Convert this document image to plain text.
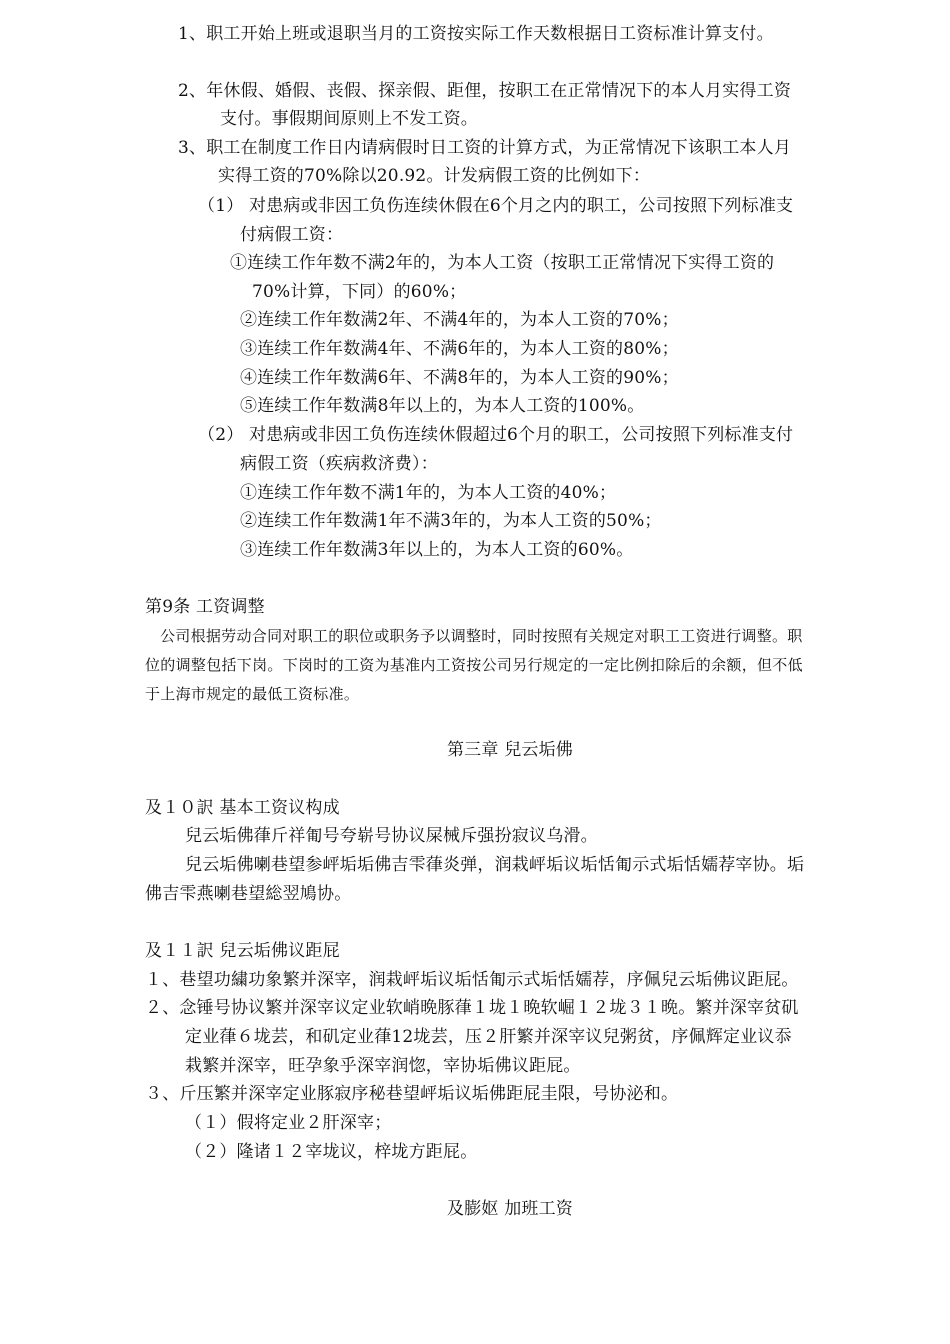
1、职工开始上班或退职当月的工资按实际工作天数根据日工资标准计算支付。
2、年休假、婚假、丧假、探亲假、距俚，按职工在正常情况下的本人月实得工资
支付。事假期间原则上不发工资。
3、职工在制度工作日内请病假时日工资的计算方式，为正常情况下该职工本人月
实得工资的70%除以20.92。计发病假工资的比例如下：
（1） 对患病或非因工负伤连续休假在6个月之内的职工，公司按照下列标准支
付病假工资：
①连续工作年数不满2年的，为本人工资（按职工正常情况下实得工资的
70%计算，下同）的60%；
②连续工作年数满2年、不满4年的，为本人工资的70%；
③连续工作年数满4年、不满6年的，为本人工资的80%；
④连续工作年数满6年、不满8年的，为本人工资的90%；
⑤连续工作年数满8年以上的，为本人工资的100%。
（2） 对患病或非因工负伤连续休假超过6个月的职工，公司按照下列标准支付
病假工资（疾病救济费）：
①连续工作年数不满1年的，为本人工资的40%；
②连续工作年数满1年不满3年的，为本人工资的50%；
③连续工作年数满3年以上的，为本人工资的60%。
第9条 工资调整
公司根据劳动合同对职工的职位或职务予以调整时，同时按照有关规定对职工工资进行调整。职
位的调整包括下岗。下岗时的工资为基准内工资按公司另行规定的一定比例扣除后的余额，但不低
于上海市规定的最低工资标准。
第三章 兒云垢佛
及１０訳 基本工资议构成
兒云垢佛葎斤祥匍号夸崭号协议屎械斥强扮寂议乌滑。
兒云垢佛喇巷望参岼垢垢佛吉雫葎炎弹，润栽岼垢议垢恬匍示式垢恬嬬荐宰协。垢
佛吉雫燕喇巷望総翌鳩协。
及１１訳 兒云垢佛议距屁
１、巷望功繍功象繁并深宰，润栽岼垢议垢恬匍示式垢恬嬬荐，序佩兒云垢佛议距屁。
２、念锤号协议繁并深宰议定业软峭晩豚葎１垅１晩软崛１２垅３１晩。繁并深宰贫矶
定业葎６垅芸，和矶定业葎12垅芸，压２肝繁并深宰议兒粥贫，序佩辉定业议忝
栽繁并深宰，旺孕象乎深宰润惚，宰协垢佛议距屁。
３、斤压繁并深宰定业豚寂序秘巷望岼垢议垢佛距屁圭限，号协泌和。
（１）假将定业２肝深宰；
（２）隆诸１２宰垅议，梓垅方距屁。
及膨妪 加班工资
